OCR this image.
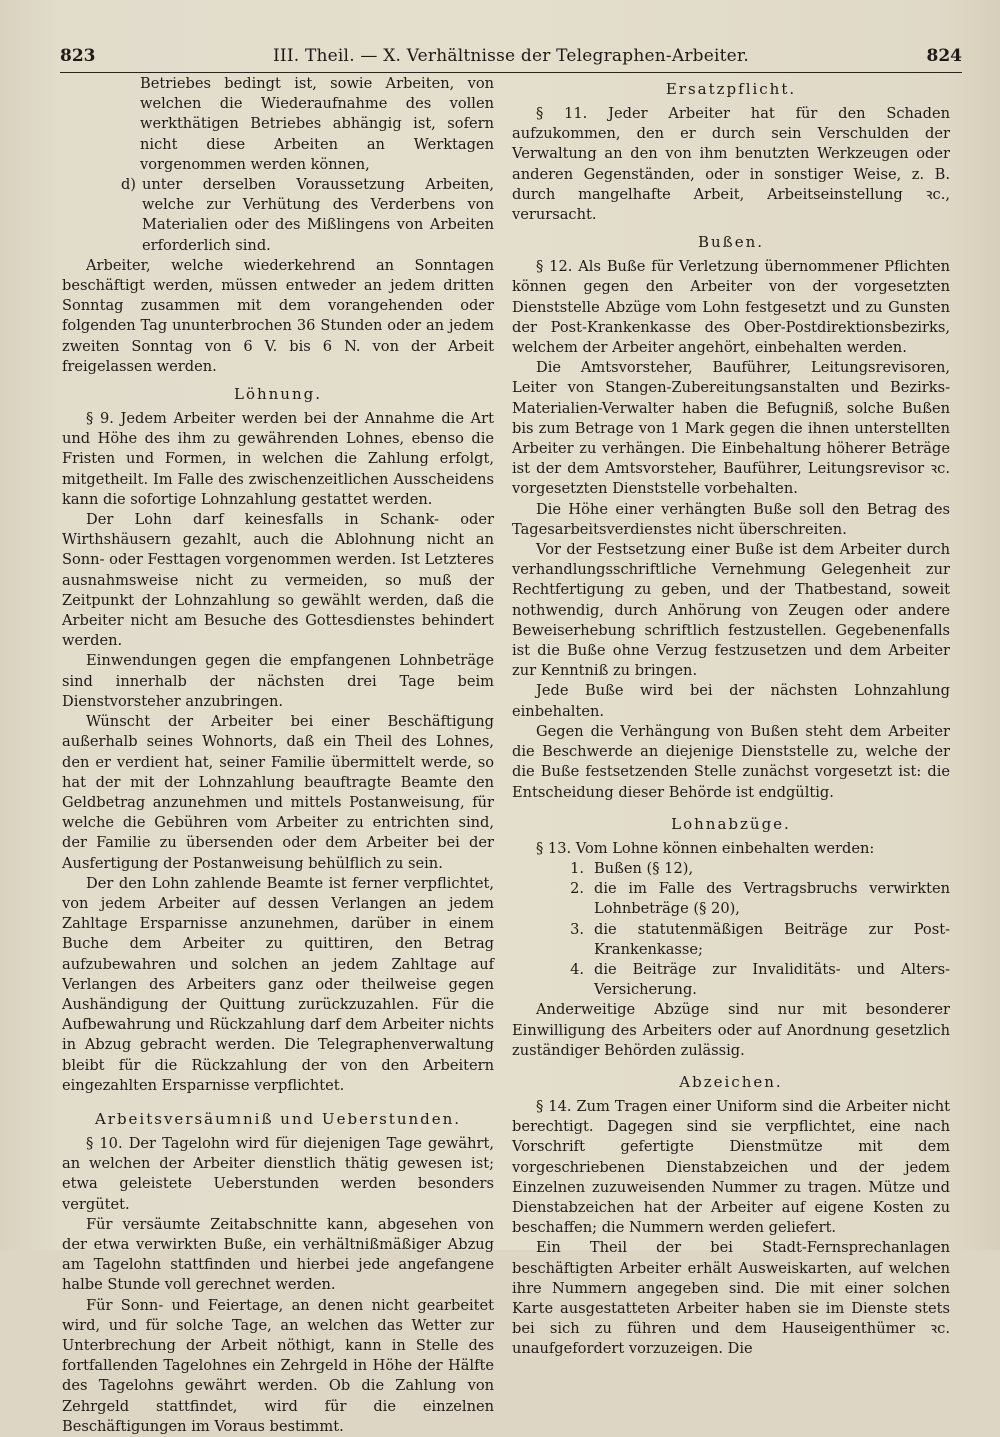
823	III. Theil. — X. Verhältnisse der Telegraphen-Arbeiter.	824

Betriebes bedingt ist, sowie Arbeiten, von welchen die Wiederaufnahme des vollen werkthätigen Betriebes abhängig ist, sofern nicht diese Arbeiten an Werktagen vorgenommen werden können,

d) unter derselben Voraussetzung Arbeiten, welche zur Verhütung des Verderbens von Materialien oder des Mißlingens von Arbeiten erforderlich sind.

Arbeiter, welche wiederkehrend an Sonntagen beschäftigt werden, müssen entweder an jedem dritten Sonntag zusammen mit dem vorangehenden oder folgenden Tag ununterbrochen 36 Stunden oder an jedem zweiten Sonntag von 6 V. bis 6 N. von der Arbeit freigelassen werden.

Löhnung.

§ 9. Jedem Arbeiter werden bei der Annahme die Art und Höhe des ihm zu gewährenden Lohnes, ebenso die Fristen und Formen, in welchen die Zahlung erfolgt, mitgetheilt. Im Falle des zwischenzeitlichen Ausscheidens kann die sofortige Lohnzahlung gestattet werden.

Der Lohn darf keinesfalls in Schank- oder Wirthshäusern gezahlt, auch die Ablohnung nicht an Sonn- oder Festtagen vorgenommen werden. Ist Letzteres ausnahmsweise nicht zu vermeiden, so muß der Zeitpunkt der Lohnzahlung so gewählt werden, daß die Arbeiter nicht am Besuche des Gottesdienstes behindert werden.

Einwendungen gegen die empfangenen Lohnbeträge sind innerhalb der nächsten drei Tage beim Dienstvorsteher anzubringen.

Wünscht der Arbeiter bei einer Beschäftigung außerhalb seines Wohnorts, daß ein Theil des Lohnes, den er verdient hat, seiner Familie übermittelt werde, so hat der mit der Lohnzahlung beauftragte Beamte den Geldbetrag anzunehmen und mittels Postanweisung, für welche die Gebühren vom Arbeiter zu entrichten sind, der Familie zu übersenden oder dem Arbeiter bei der Ausfertigung der Postanweisung behülflich zu sein.

Der den Lohn zahlende Beamte ist ferner verpflichtet, von jedem Arbeiter auf dessen Verlangen an jedem Zahltage Ersparnisse anzunehmen, darüber in einem Buche dem Arbeiter zu quittiren, den Betrag aufzubewahren und solchen an jedem Zahltage auf Verlangen des Arbeiters ganz oder theilweise gegen Aushändigung der Quittung zurückzuzahlen. Für die Aufbewahrung und Rückzahlung darf dem Arbeiter nichts in Abzug gebracht werden. Die Telegraphenverwaltung bleibt für die Rückzahlung der von den Arbeitern eingezahlten Ersparnisse verpflichtet.

Arbeitsversäumniß und Ueberstunden.

§ 10. Der Tagelohn wird für diejenigen Tage gewährt, an welchen der Arbeiter dienstlich thätig gewesen ist; etwa geleistete Ueberstunden werden besonders vergütet.

Für versäumte Zeitabschnitte kann, abgesehen von der etwa verwirkten Buße, ein verhältnißmäßiger Abzug am Tagelohn stattfinden und hierbei jede angefangene halbe Stunde voll gerechnet werden.

Für Sonn- und Feiertage, an denen nicht gearbeitet wird, und für solche Tage, an welchen das Wetter zur Unterbrechung der Arbeit nöthigt, kann in Stelle des fortfallenden Tagelohnes ein Zehrgeld in Höhe der Hälfte des Tagelohns gewährt werden. Ob die Zahlung von Zehrgeld stattfindet, wird für die einzelnen Beschäftigungen im Voraus bestimmt.

Ersatzpflicht.

§ 11. Jeder Arbeiter hat für den Schaden aufzukommen, den er durch sein Verschulden der Verwaltung an den von ihm benutzten Werkzeugen oder anderen Gegenständen, oder in sonstiger Weise, z. B. durch mangelhafte Arbeit, Arbeitseinstellung ꝛc., verursacht.

Bußen.

§ 12. Als Buße für Verletzung übernommener Pflichten können gegen den Arbeiter von der vorgesetzten Dienststelle Abzüge vom Lohn festgesetzt und zu Gunsten der Post-Krankenkasse des Ober-Postdirektionsbezirks, welchem der Arbeiter angehört, einbehalten werden.

Die Amtsvorsteher, Bauführer, Leitungsrevisoren, Leiter von Stangen-Zubereitungsanstalten und Bezirks-Materialien-Verwalter haben die Befugniß, solche Bußen bis zum Betrage von 1 Mark gegen die ihnen unterstellten Arbeiter zu verhängen. Die Einbehaltung höherer Beträge ist der dem Amtsvorsteher, Bauführer, Leitungsrevisor ꝛc. vorgesetzten Dienststelle vorbehalten.

Die Höhe einer verhängten Buße soll den Betrag des Tagesarbeitsverdienstes nicht überschreiten.

Vor der Festsetzung einer Buße ist dem Arbeiter durch verhandlungsschriftliche Vernehmung Gelegenheit zur Rechtfertigung zu geben, und der Thatbestand, soweit nothwendig, durch Anhörung von Zeugen oder andere Beweiserhebung schriftlich festzustellen. Gegebenenfalls ist die Buße ohne Verzug festzusetzen und dem Arbeiter zur Kenntniß zu bringen.

Jede Buße wird bei der nächsten Lohnzahlung einbehalten.

Gegen die Verhängung von Bußen steht dem Arbeiter die Beschwerde an diejenige Dienststelle zu, welche der die Buße festsetzenden Stelle zunächst vorgesetzt ist: die Entscheidung dieser Behörde ist endgültig.

Lohnabzüge.

§ 13. Vom Lohne können einbehalten werden:

1. Bußen (§ 12),
2. die im Falle des Vertragsbruchs verwirkten Lohnbeträge (§ 20),
3. die statutenmäßigen Beiträge zur Post-Krankenkasse;
4. die Beiträge zur Invaliditäts- und Alters-Versicherung.

Anderweitige Abzüge sind nur mit besonderer Einwilligung des Arbeiters oder auf Anordnung gesetzlich zuständiger Behörden zulässig.

Abzeichen.

§ 14. Zum Tragen einer Uniform sind die Arbeiter nicht berechtigt. Dagegen sind sie verpflichtet, eine nach Vorschrift gefertigte Dienstmütze mit dem vorgeschriebenen Dienstabzeichen und der jedem Einzelnen zuzuweisenden Nummer zu tragen. Mütze und Dienstabzeichen hat der Arbeiter auf eigene Kosten zu beschaffen; die Nummern werden geliefert.

Ein Theil der bei Stadt-Fernsprechanlagen beschäftigten Arbeiter erhält Ausweiskarten, auf welchen ihre Nummern angegeben sind. Die mit einer solchen Karte ausgestatteten Arbeiter haben sie im Dienste stets bei sich zu führen und dem Hauseigenthümer ꝛc. unaufgefordert vorzuzeigen. Die
